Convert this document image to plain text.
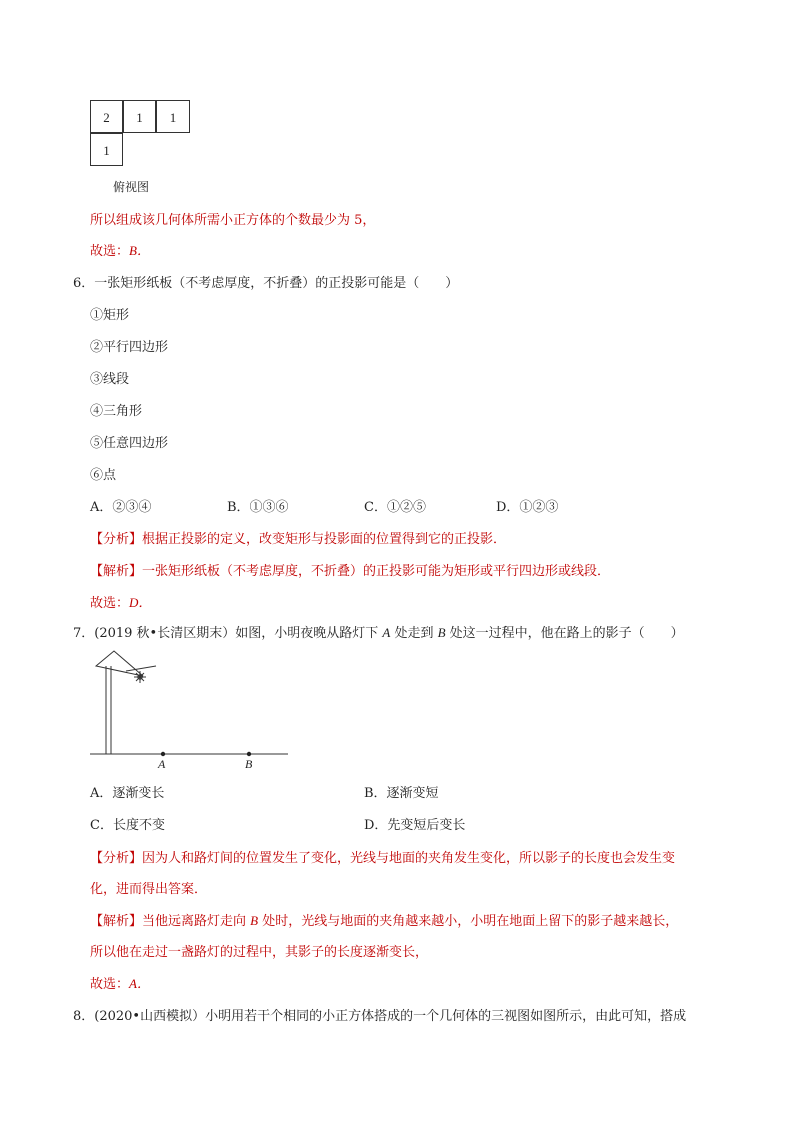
2	1	1
1
俯视图
所以组成该几何体所需小正方体的个数最少为 5，
故选：B．
6．一张矩形纸板（不考虑厚度，不折叠）的正投影可能是（　　）
①矩形
②平行四边形
③线段
④三角形
⑤任意四边形
⑥点
A．②③④	B．①③⑥	C．①②⑤	D．①②③
【分析】根据正投影的定义，改变矩形与投影面的位置得到它的正投影．
【解析】一张矩形纸板（不考虑厚度，不折叠）的正投影可能为矩形或平行四边形或线段．
故选：D．
7．(2019 秋•长清区期末）如图，小明夜晚从路灯下 A 处走到 B 处这一过程中，他在路上的影子（　　）
A	B
A．逐渐变长	B．逐渐变短
C．长度不变	D．先变短后变长
【分析】因为人和路灯间的位置发生了变化，光线与地面的夹角发生变化，所以影子的长度也会发生变
化，进而得出答案．
【解析】当他远离路灯走向 B 处时，光线与地面的夹角越来越小，小明在地面上留下的影子越来越长，
所以他在走过一盏路灯的过程中，其影子的长度逐渐变长，
故选：A．
8．(2020•山西模拟）小明用若干个相同的小正方体搭成的一个几何体的三视图如图所示，由此可知，搭成
